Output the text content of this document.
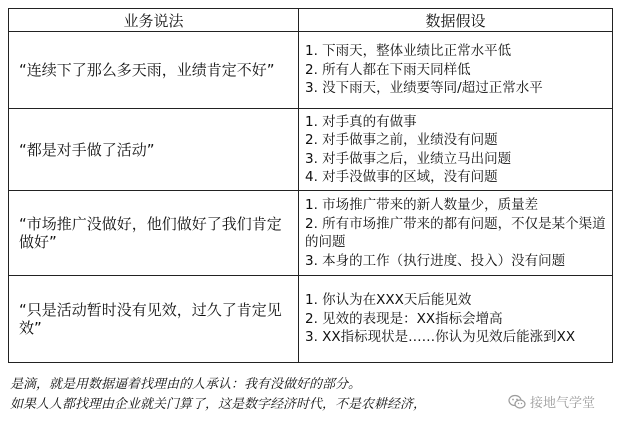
业务说法	数据假设
“连续下了那么多天雨，业绩肯定不好”	1. 下雨天，整体业绩比正常水平低
2. 所有人都在下雨天同样低
3. 没下雨天，业绩要等同/超过正常水平

“都是对手做了活动”	1. 对手真的有做事
2. 对手做事之前，业绩没有问题
3. 对手做事之后，业绩立马出问题
4. 对手没做事的区域，没有问题

“市场推广没做好，他们做好了我们肯定做好”	1. 市场推广带来的新人数量少，质量差
2. 所有市场推广带来的都有问题，不仅是某个渠道的问题
3. 本身的工作（执行进度、投入）没有问题

“只是活动暂时没有见效，过久了肯定见效”	1. 你认为在XXX天后能见效
2. 见效的表现是：XX指标会增高
3. XX指标现状是……你认为见效后能涨到XX
是滴，就是用数据逼着找理由的人承认：我有没做好的部分。
如果人人都找理由企业就关门算了，这是数字经济时代，不是农耕经济，	接地气学堂
